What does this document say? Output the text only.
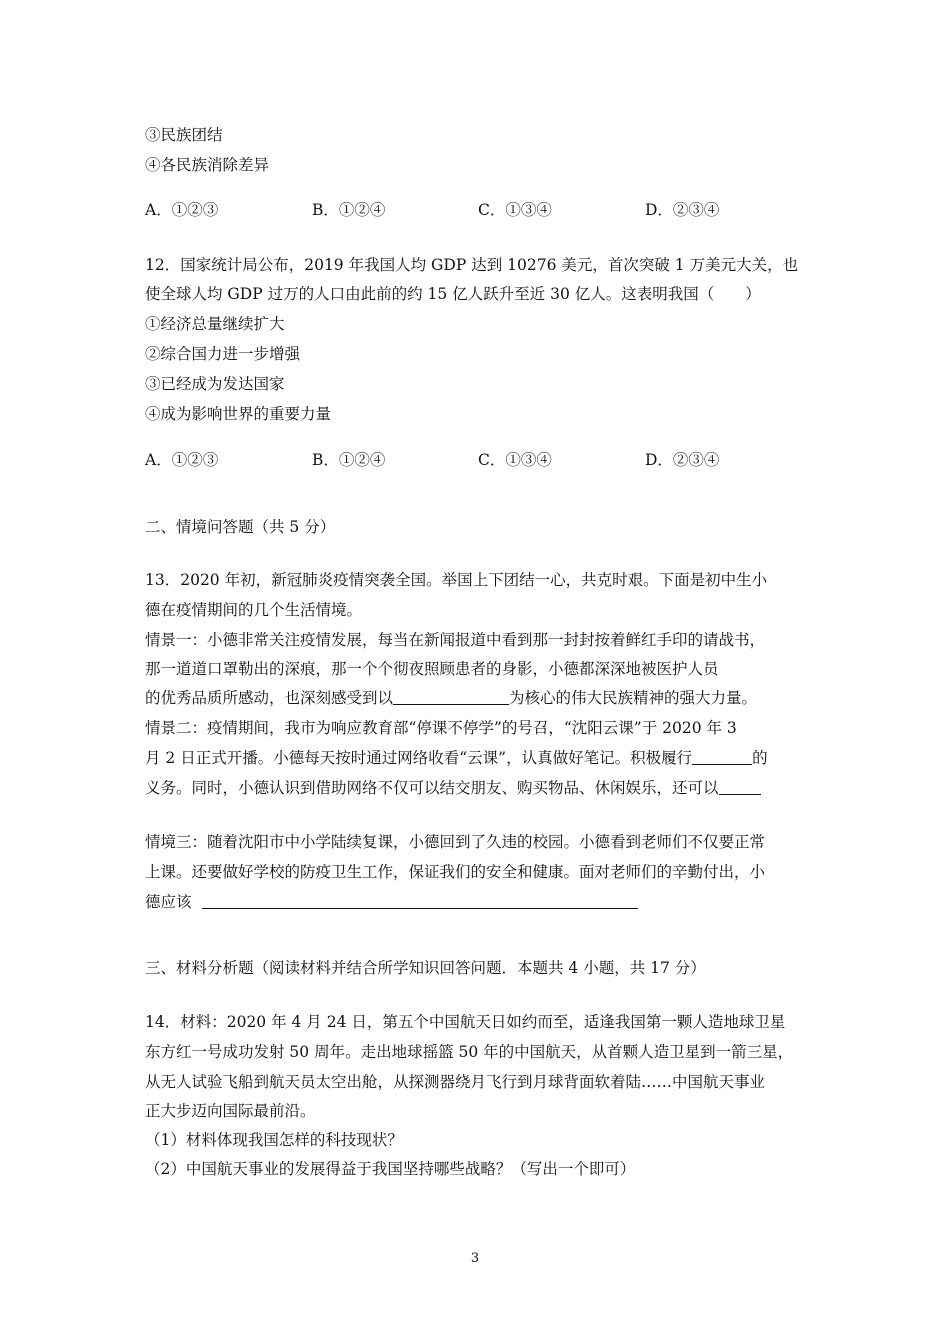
③民族团结
④各民族消除差异
A．①②③	B．①②④	C．①③④	D．②③④
12．国家统计局公布，2019 年我国人均 GDP 达到 10276 美元，首次突破 1 万美元大关，也
使全球人均 GDP 过万的人口由此前的约 15 亿人跃升至近 30 亿人。这表明我国（　　）
①经济总量继续扩大
②综合国力进一步增强
③已经成为发达国家
④成为影响世界的重要力量
A．①②③	B．①②④	C．①③④	D．②③④
二、情境问答题（共 5 分）
13．2020 年初，新冠肺炎疫情突袭全国。举国上下团结一心，共克时艰。下面是初中生小
德在疫情期间的几个生活情境。
情景一：小德非常关注疫情发展，每当在新闻报道中看到那一封封按着鲜红手印的请战书，
那一道道口罩勒出的深痕，那一个个彻夜照顾患者的身影，小德都深深地被医护人员
的优秀品质所感动，也深刻感受到以	为核心的伟大民族精神的强大力量。
情景二：疫情期间，我市为响应教育部“停课不停学”的号召，“沈阳云课”于 2020 年 3
月 2 日正式开播。小德每天按时通过网络收看“云课”，认真做好笔记。积极履行	的
义务。同时，小德认识到借助网络不仅可以结交朋友、购买物品、休闲娱乐，还可以
情境三：随着沈阳市中小学陆续复课，小德回到了久违的校园。小德看到老师们不仅要正常
上课。还要做好学校的防疫卫生工作，保证我们的安全和健康。面对老师们的辛勤付出，小
德应该
三、材料分析题（阅读材料并结合所学知识回答问题．本题共 4 小题，共 17 分）
14．材料：2020 年 4 月 24 日，第五个中国航天日如约而至，适逢我国第一颗人造地球卫星
东方红一号成功发射 50 周年。走出地球摇篮 50 年的中国航天，从首颗人造卫星到一箭三星，
从无人试验飞船到航天员太空出舱，从探测器绕月飞行到月球背面软着陆……中国航天事业
正大步迈向国际最前沿。
（1）材料体现我国怎样的科技现状？
（2）中国航天事业的发展得益于我国坚持哪些战略？（写出一个即可）
3
